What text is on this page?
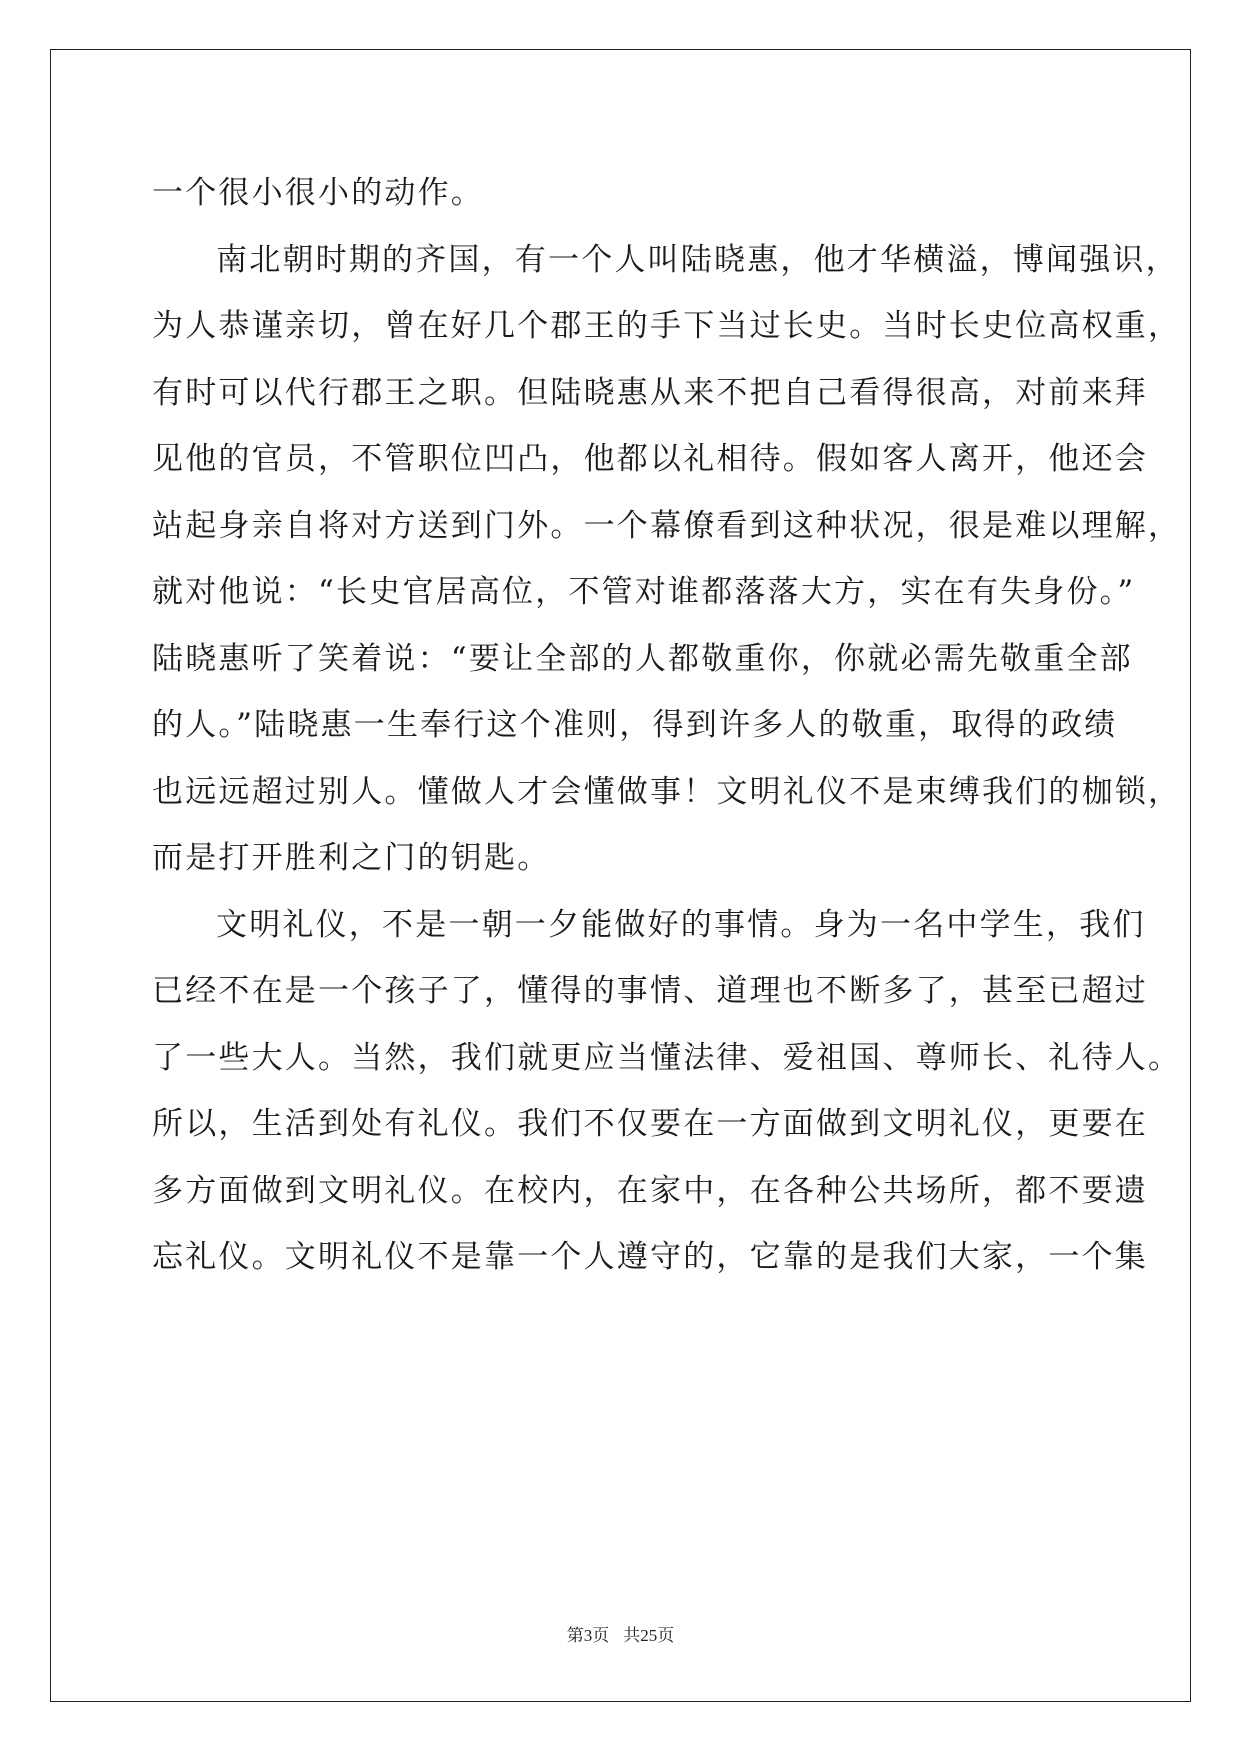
一个很小很小的动作。
南北朝时期的齐国，有一个人叫陆晓惠，他才华横溢，博闻强识，
为人恭谨亲切，曾在好几个郡王的手下当过长史。当时长史位高权重，
有时可以代行郡王之职。但陆晓惠从来不把自己看得很高，对前来拜
见他的官员，不管职位凹凸，他都以礼相待。假如客人离开，他还会
站起身亲自将对方送到门外。一个幕僚看到这种状况，很是难以理解，
就对他说：“长史官居高位，不管对谁都落落大方，实在有失身份。”
陆晓惠听了笑着说：“要让全部的人都敬重你，你就必需先敬重全部
的人。”陆晓惠一生奉行这个准则，得到许多人的敬重，取得的政绩
也远远超过别人。懂做人才会懂做事！文明礼仪不是束缚我们的枷锁，
而是打开胜利之门的钥匙。
文明礼仪，不是一朝一夕能做好的事情。身为一名中学生，我们
已经不在是一个孩子了，懂得的事情、道理也不断多了，甚至已超过
了一些大人。当然，我们就更应当懂法律、爱祖国、尊师长、礼待人。
所以，生活到处有礼仪。我们不仅要在一方面做到文明礼仪，更要在
多方面做到文明礼仪。在校内，在家中，在各种公共场所，都不要遗
忘礼仪。文明礼仪不是靠一个人遵守的，它靠的是我们大家，一个集
第3页 共25页
